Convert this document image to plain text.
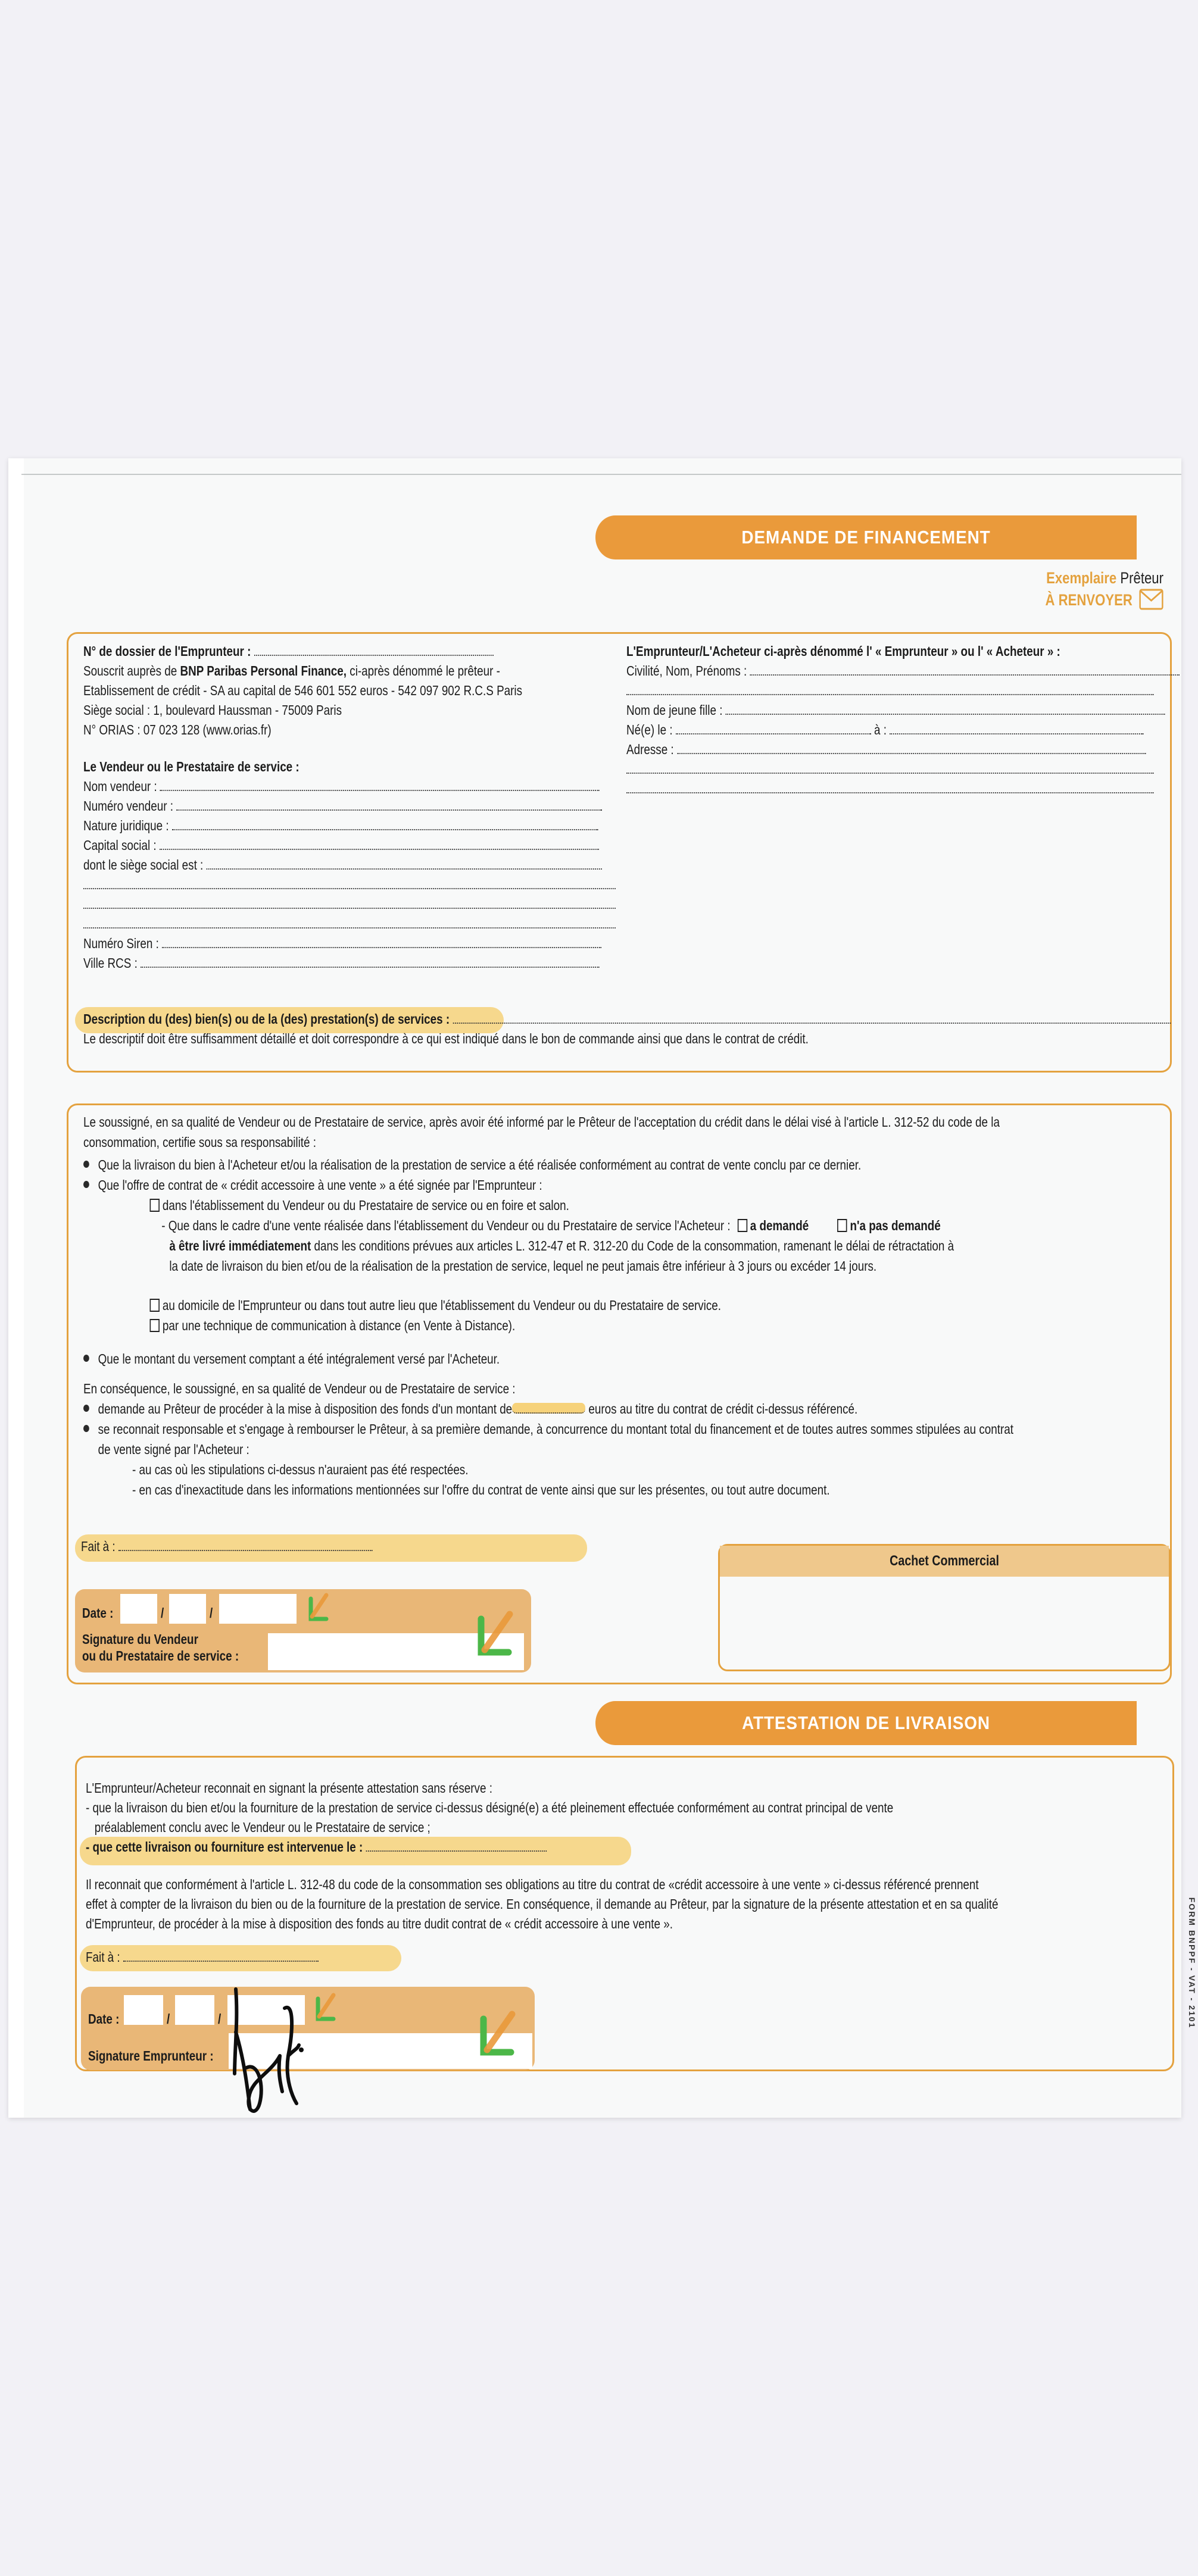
DEMANDE DE FINANCEMENT
Exemplaire Prêteur
À RENVOYER
N° de dossier de l'Emprunteur :
Souscrit auprès de BNP Paribas Personal Finance, ci-après dénommé le prêteur -
Etablissement de crédit - SA au capital de 546 601 552 euros - 542 097 902 R.C.S Paris
Siège social : 1, boulevard Haussman - 75009 Paris
N° ORIAS : 07 023 128 (www.orias.fr)
Le Vendeur ou le Prestataire de service :
Nom vendeur :
Numéro vendeur :
Nature juridique :
Capital social :
dont le siège social est :
Numéro Siren :
Ville RCS :
L'Emprunteur/L'Acheteur ci-après dénommé l' « Emprunteur » ou l' « Acheteur » :
Civilité, Nom, Prénoms :
Nom de jeune fille :
Né(e) le :	à :
Adresse :
Description du (des) bien(s) ou de la (des) prestation(s) de services :
Le descriptif doit être suffisamment détaillé et doit correspondre à ce qui est indiqué dans le bon de commande ainsi que dans le contrat de crédit.
Le soussigné, en sa qualité de Vendeur ou de Prestataire de service, après avoir été informé par le Prêteur de l'acceptation du crédit dans le délai visé à l'article L. 312-52 du code de la
consommation, certifie sous sa responsabilité :
Que la livraison du bien à l'Acheteur et/ou la réalisation de la prestation de service a été réalisée conformément au contrat de vente conclu par ce dernier.
Que l'offre de contrat de « crédit accessoire à une vente » a été signée par l'Emprunteur :
dans l'établissement du Vendeur ou du Prestataire de service ou en foire et salon.
- Que dans le cadre d'une vente réalisée dans l'établissement du Vendeur ou du Prestataire de service l'Acheteur : a demandé	n'a pas demandé
à être livré immédiatement dans les conditions prévues aux articles L. 312-47 et R. 312-20 du Code de la consommation, ramenant le délai de rétractation à
la date de livraison du bien et/ou de la réalisation de la prestation de service, lequel ne peut jamais être inférieur à 3 jours ou excéder 14 jours.
au domicile de l'Emprunteur ou dans tout autre lieu que l'établissement du Vendeur ou du Prestataire de service.
par une technique de communication à distance (en Vente à Distance).
Que le montant du versement comptant a été intégralement versé par l'Acheteur.
En conséquence, le soussigné, en sa qualité de Vendeur ou de Prestataire de service :
demande au Prêteur de procéder à la mise à disposition des fonds d'un montant de	euros au titre du contrat de crédit ci-dessus référencé.
se reconnait responsable et s'engage à rembourser le Prêteur, à sa première demande, à concurrence du montant total du financement et de toutes autres sommes stipulées au contrat
de vente signé par l'Acheteur :
- au cas où les stipulations ci-dessus n'auraient pas été respectées.
- en cas d'inexactitude dans les informations mentionnées sur l'offre du contrat de vente ainsi que sur les présentes, ou tout autre document.
Fait à :
Date :	/	/
Signature du Vendeur
ou du Prestataire de service :
Cachet Commercial
ATTESTATION DE LIVRAISON
L'Emprunteur/Acheteur reconnait en signant la présente attestation sans réserve :
- que la livraison du bien et/ou la fourniture de la prestation de service ci-dessus désigné(e) a été pleinement effectuée conformément au contrat principal de vente
préalablement conclu avec le Vendeur ou le Prestataire de service ;
- que cette livraison ou fourniture est intervenue le :
Il reconnait que conformément à l'article L. 312-48 du code de la consommation ses obligations au titre du contrat de «crédit accessoire à une vente » ci-dessus référencé prennent
effet à compter de la livraison du bien ou de la fourniture de la prestation de service. En conséquence, il demande au Prêteur, par la signature de la présente attestation et en sa qualité
d'Emprunteur, de procéder à la mise à disposition des fonds au titre dudit contrat de « crédit accessoire à une vente ».
Fait à :
Date :	/	/
Signature Emprunteur :
FORM BNPPF - VAT - 2101
